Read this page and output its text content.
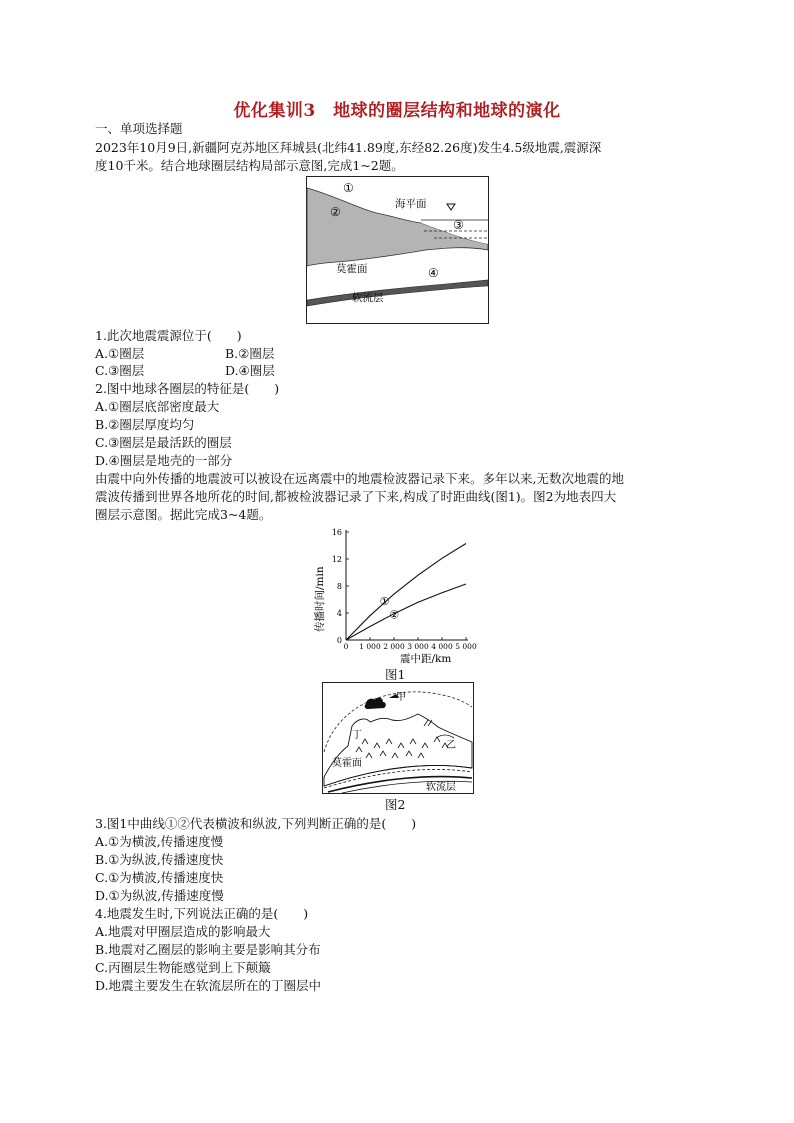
优化集训3　地球的圈层结构和地球的演化
一、单项选择题
2023年10月9日,新疆阿克苏地区拜城县(北纬41.89度,东经82.26度)发生4.5级地震,震源深
度10千米。结合地球圈层结构局部示意图,完成1~2题。
①
海平面
③
②
莫霍面	④
软流层
1.此次地震震源位于(　　)
A.①圈层	B.②圈层
C.③圈层	D.④圈层
2.图中地球各圈层的特征是(　　)
A.①圈层底部密度最大
B.②圈层厚度均匀
C.③圈层是最活跃的圈层
D.④圈层是地壳的一部分
由震中向外传播的地震波可以被设在远离震中的地震检波器记录下来。多年以来,无数次地震的地
震波传播到世界各地所花的时间,都被检波器记录了下来,构成了时距曲线(图1)。图2为地表四大
圈层示意图。据此完成3~4题。
0 1 000 2 000 3 000 4 000 5 000
0
4
8
12
16
①
②
传播时间/min
震中距/km
图1
甲
丁
乙
莫霍面
软流层
图2
3.图1中曲线①②代表横波和纵波,下列判断正确的是(　　)
A.①为横波,传播速度慢
B.①为纵波,传播速度快
C.①为横波,传播速度快
D.①为纵波,传播速度慢
4.地震发生时,下列说法正确的是(　　)
A.地震对甲圈层造成的影响最大
B.地震对乙圈层的影响主要是影响其分布
C.丙圈层生物能感觉到上下颠簸
D.地震主要发生在软流层所在的丁圈层中
